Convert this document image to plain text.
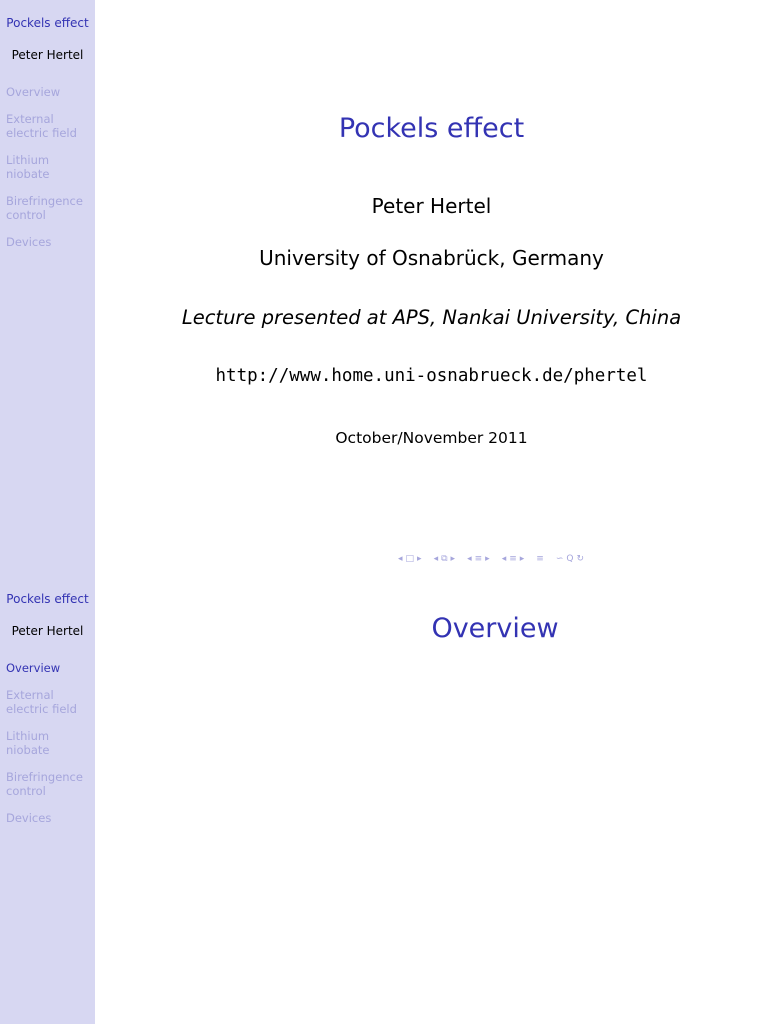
Pockels effect
Peter Hertel
Overview
External
electric field
Lithium
niobate
Birefringence
control
Devices
Pockels effect
Peter Hertel
University of Osnabrück, Germany
Lecture presented at APS, Nankai University, China
http://www.home.uni-osnabrueck.de/phertel
October/November 2011
◂ □ ▸ ◂ ⧉ ▸ ◂ ≡ ▸ ◂ ≡ ▸ ≡ ∽ Q ↻
Pockels effect
Peter Hertel
Overview
External
electric field
Lithium
niobate
Birefringence
control
Devices
Overview
